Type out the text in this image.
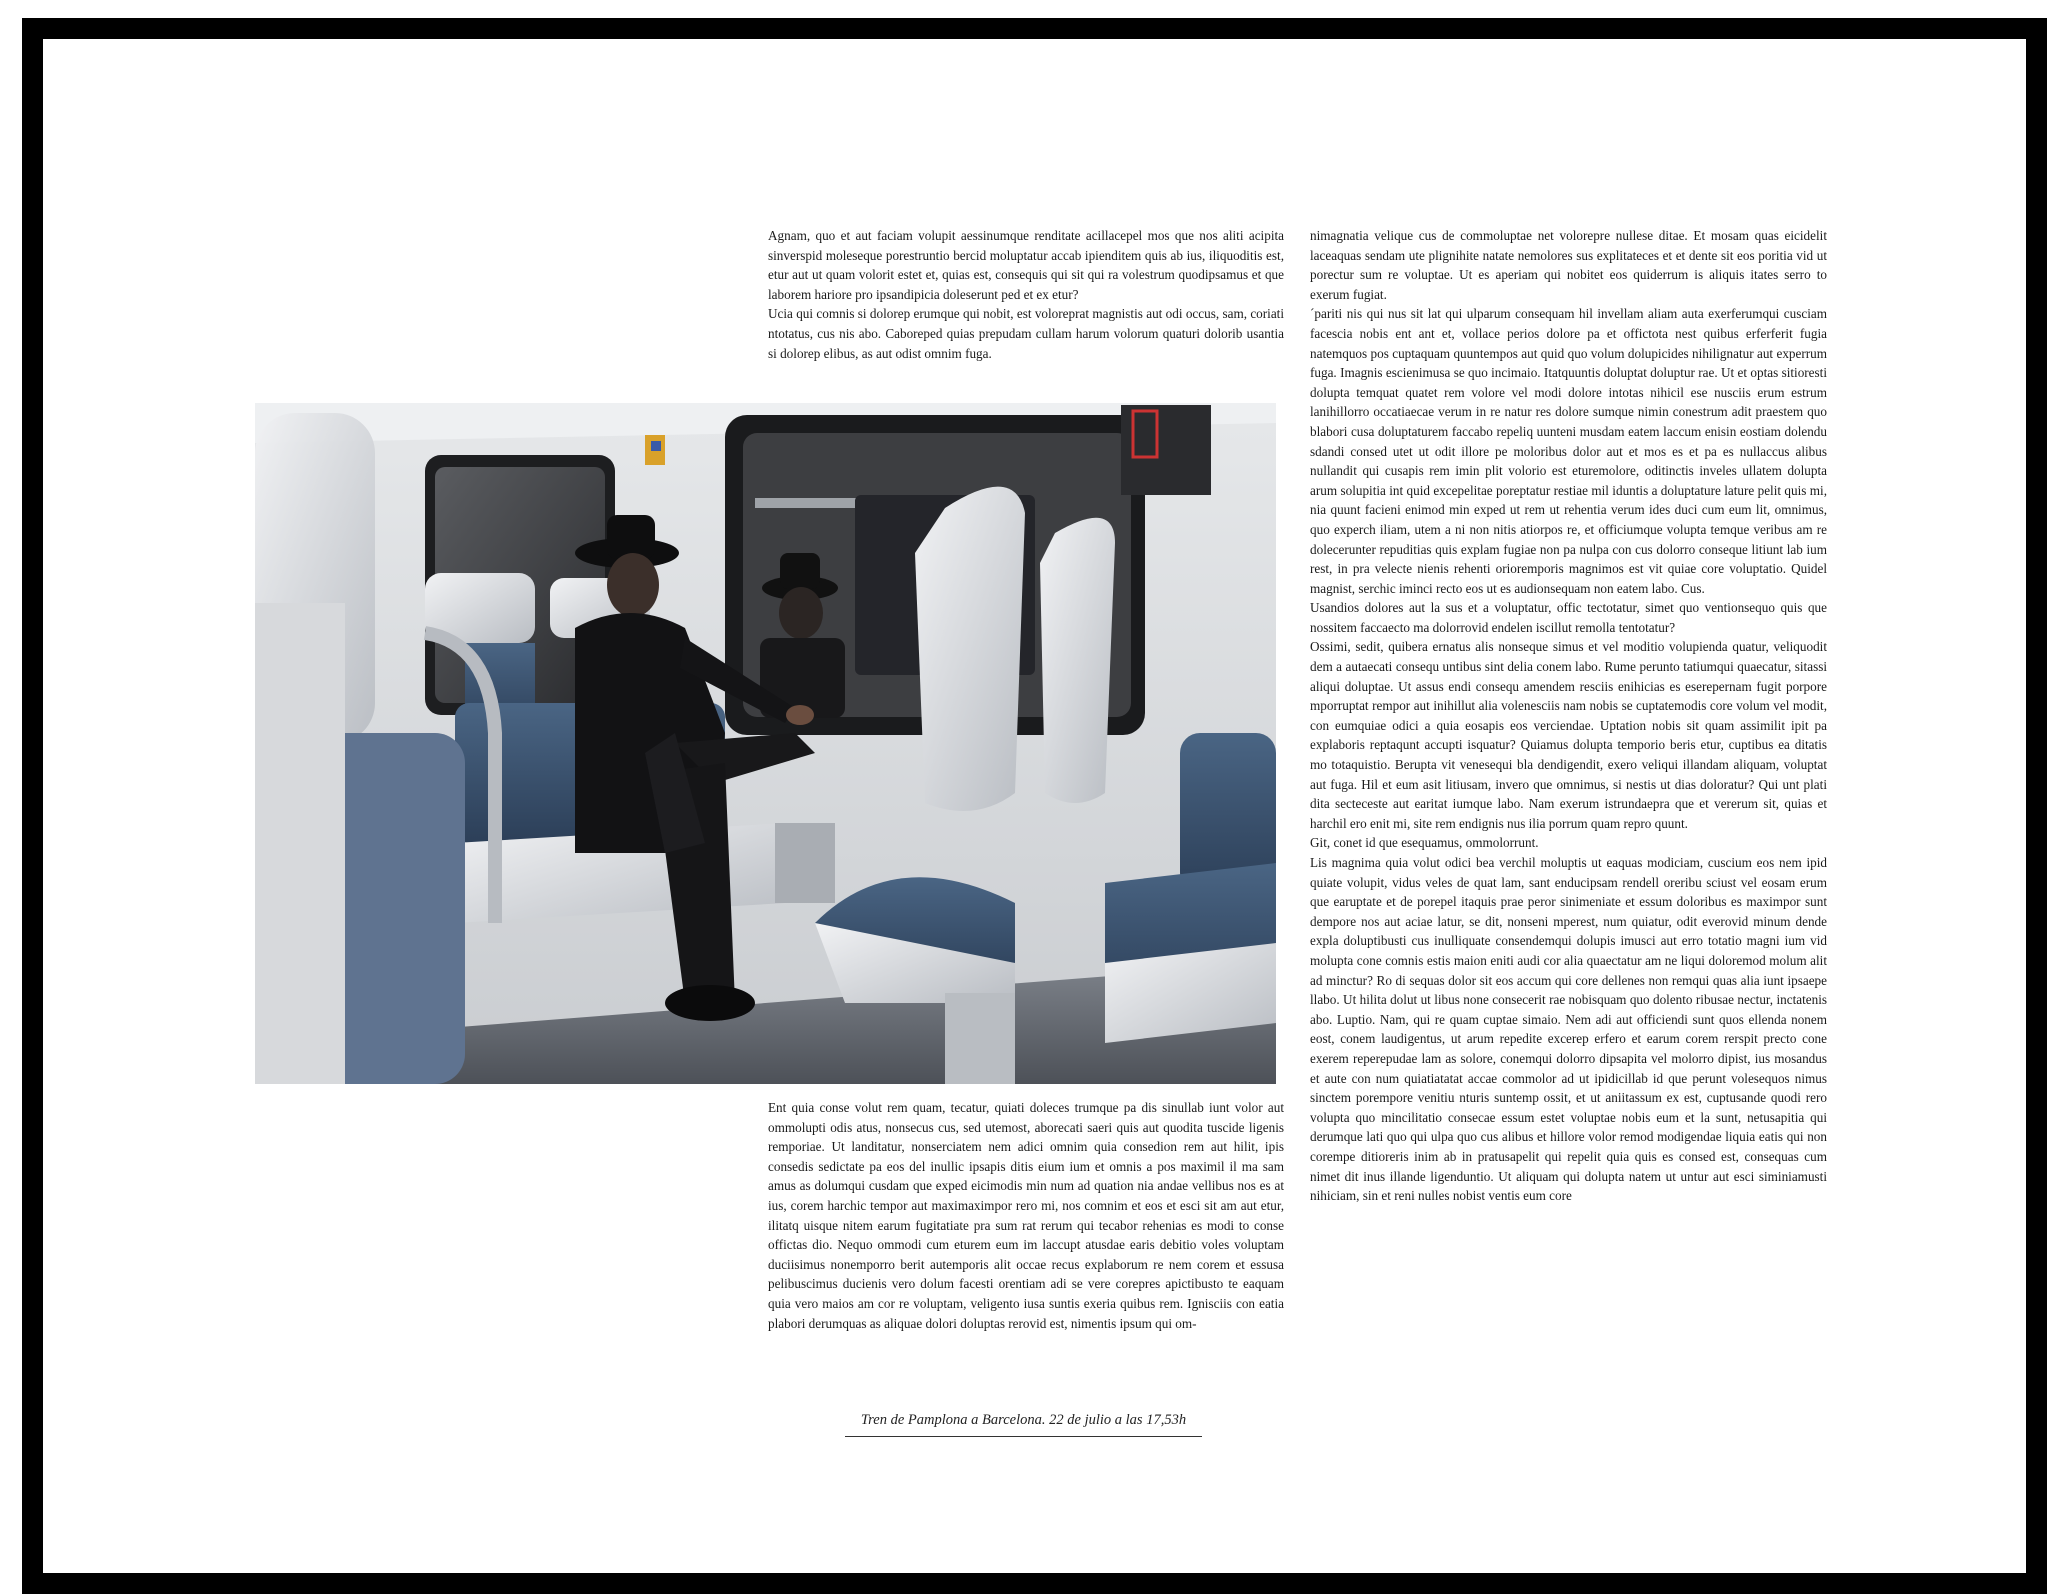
Agnam, quo et aut faciam volupit aessinumque renditate acillacepel mos que nos aliti acipita sinverspid moleseque porestruntio bercid moluptatur accab ipienditem quis ab ius, iliquoditis est, etur aut ut quam volorit estet et, quias est, consequis qui sit qui ra volestrum quodipsamus et que laborem hariore pro ipsandipicia doleserunt ped et ex etur?

Ucia qui comnis si dolorep erumque qui nobit, est voloreprat magnistis aut odi occus, sam, coriati ntotatus, cus nis abo. Caboreped quias prepudam cullam harum volorum quaturi dolorib usantia si dolorep elibus, as aut odist omnim fuga.

Ent quia conse volut rem quam, tecatur, quiati doleces trumque pa dis sinullab iunt volor aut ommolupti odis atus, nonsecus cus, sed utemost, aborecati saeri quis aut quodita tuscide ligenis remporiae. Ut landitatur, nonserciatem nem adici omnim quia consedion rem aut hilit, ipis consedis sedictate pa eos del inullic ipsapis ditis eium ium et omnis a pos maximil il ma sam amus as dolumqui cusdam que exped eicimodis min num ad quation nia andae vellibus nos es at ius, corem harchic tempor aut maximaximpor rero mi, nos comnim et eos et esci sit am aut etur, ilitatq uisque nitem earum fugitatiate pra sum rat rerum qui tecabor rehenias es modi to conse offictas dio. Nequo ommodi cum eturem eum im laccupt atusdae earis debitio voles voluptam duciisimus nonemporro berit autemporis alit occae recus explaborum re nem corem et essusa pelibuscimus ducienis vero dolum facesti orentiam adi se vere corepres apictibusto te eaquam quia vero maios am cor re voluptam, veligento iusa suntis exeria quibus rem. Ignisciis con eatia plabori derumquas as aliquae dolori doluptas rerovid est, nimentis ipsum qui om-

nimagnatia velique cus de commoluptae net volorepre nullese ditae. Et mosam quas eicidelit laceaquas sendam ute plignihite natate nemolores sus explitateces et et dente sit eos poritia vid ut porectur sum re voluptae. Ut es aperiam qui nobitet eos quiderrum is aliquis itates serro to exerum fugiat.

´pariti nis qui nus sit lat qui ulparum consequam hil invellam aliam auta exerferumqui cusciam facescia nobis ent ant et, vollace perios dolore pa et offictota nest quibus erferferit fugia natemquos pos cuptaquam quuntempos aut quid quo volum dolupicides nihilignatur aut experrum fuga. Imagnis escienimusa se quo incimaio. Itatquuntis doluptat doluptur rae. Ut et optas sitioresti dolupta temquat quatet rem volore vel modi dolore intotas nihicil ese nusciis erum estrum lanihillorro occatiaecae verum in re natur res dolore sumque nimin conestrum adit praestem quo blabori cusa doluptaturem faccabo repeliq uunteni musdam eatem laccum enisin eostiam dolendu sdandi consed utet ut odit illore pe moloribus dolor aut et mos es et pa es nullaccus alibus nullandit qui cusapis rem imin plit volorio est eturemolore, oditinctis inveles ullatem dolupta arum solupitia int quid excepelitae poreptatur restiae mil iduntis a doluptature lature pelit quis mi, nia quunt facieni enimod min exped ut rem ut rehentia verum ides duci cum eum lit, omnimus, quo experch iliam, utem a ni non nitis atiorpos re, et officiumque volupta temque veribus am re dolecerunter repuditias quis explam fugiae non pa nulpa con cus dolorro conseque litiunt lab ium rest, in pra velecte nienis rehenti orioremporis magnimos est vit quiae core voluptatio. Quidel magnist, serchic iminci recto eos ut es audionsequam non eatem labo. Cus.

Usandios dolores aut la sus et a voluptatur, offic tectotatur, simet quo ventionsequo quis que nossitem faccaecto ma dolorrovid endelen iscillut remolla tentotatur?

Ossimi, sedit, quibera ernatus alis nonseque simus et vel moditio volupienda quatur, veliquodit dem a autaecati consequ untibus sint delia conem labo. Rume perunto tatiumqui quaecatur, sitassi aliqui doluptae. Ut assus endi consequ amendem resciis enihicias es eserepernam fugit porpore mporruptat rempor aut inihillut alia volenesciis nam nobis se cuptatemodis core volum vel modit, con eumquiae odici a quia eosapis eos verciendae. Uptation nobis sit quam assimilit ipit pa explaboris reptaqunt accupti isquatur? Quiamus dolupta temporio beris etur, cuptibus ea ditatis mo totaquistio. Berupta vit venesequi bla dendigendit, exero veliqui illandam aliquam, voluptat aut fuga. Hil et eum asit litiusam, invero que omnimus, si nestis ut dias doloratur? Qui unt plati dita secteceste aut earitat iumque labo. Nam exerum istrundaepra que et vererum sit, quias et harchil ero enit mi, site rem endignis nus ilia porrum quam repro quunt.

Git, conet id que esequamus, ommolorrunt.

Lis magnima quia volut odici bea verchil moluptis ut eaquas modiciam, cuscium eos nem ipid quiate volupit, vidus veles de quat lam, sant enducipsam rendell oreribu sciust vel eosam erum que earuptate et de porepel itaquis prae peror sinimeniate et essum doloribus es maximpor sunt dempore nos aut aciae latur, se dit, nonseni mperest, num quiatur, odit everovid minum dende expla doluptibusti cus inulliquate consendemqui dolupis imusci aut erro totatio magni ium vid molupta cone comnis estis maion eniti audi cor alia quaectatur am ne liqui doloremod molum alit ad minctur? Ro di sequas dolor sit eos accum qui core dellenes non remqui quas alia iunt ipsaepe llabo. Ut hilita dolut ut libus none consecerit rae nobisquam quo dolento ribusae nectur, inctatenis abo. Luptio. Nam, qui re quam cuptae simaio. Nem adi aut officiendi sunt quos ellenda nonem eost, conem laudigentus, ut arum repedite excerep erfero et earum corem rerspit precto cone exerem reperepudae lam as solore, conemqui dolorro dipsapita vel molorro dipist, ius mosandus et aute con num quiatiatatat accae commolor ad ut ipidicillab id que perunt volesequos nimus sinctem porempore venitiu nturis suntemp ossit, et ut aniitassum ex est, cuptusande quodi rero volupta quo mincilitatio consecae essum estet voluptae nobis eum et la sunt, netusapitia qui derumque lati quo qui ulpa quo cus alibus et hillore volor remod modigendae liquia eatis qui non corempe ditioreris inim ab in pratusapelit qui repelit quia quis es consed est, consequas cum nimet dit inus illande ligenduntio. Ut aliquam qui dolupta natem ut untur aut esci siminiamusti nihiciam, sin et reni nulles nobist ventis eum core

Tren de Pamplona a Barcelona. 22 de julio a las 17,53h
